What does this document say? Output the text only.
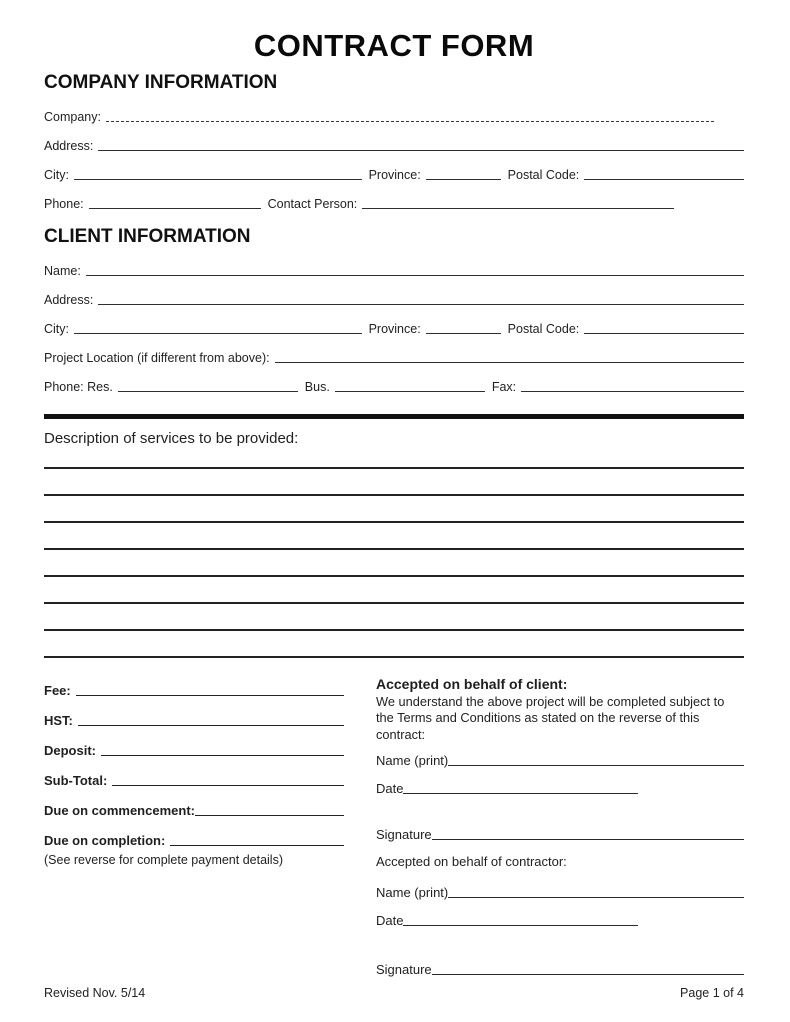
CONTRACT FORM
COMPANY INFORMATION
Company:
Address:
City:	Province:	Postal Code:
Phone:	Contact Person:
CLIENT INFORMATION
Name:
Address:
City:	Province:	Postal Code:
Project Location (if different from above):
Phone: Res.	Bus.	Fax:
Description of services to be provided:
Fee:
HST:
Deposit:
Sub-Total:
Due on commencement:
Due on completion:
(See reverse for complete payment details)
Accepted on behalf of client:
We understand the above project will be completed subject to the Terms and Conditions as stated on the reverse of this contract:
Name (print)
Date
Signature
Accepted on behalf of contractor:
Name (print)
Date
Signature
Revised Nov. 5/14	Page 1 of 4
